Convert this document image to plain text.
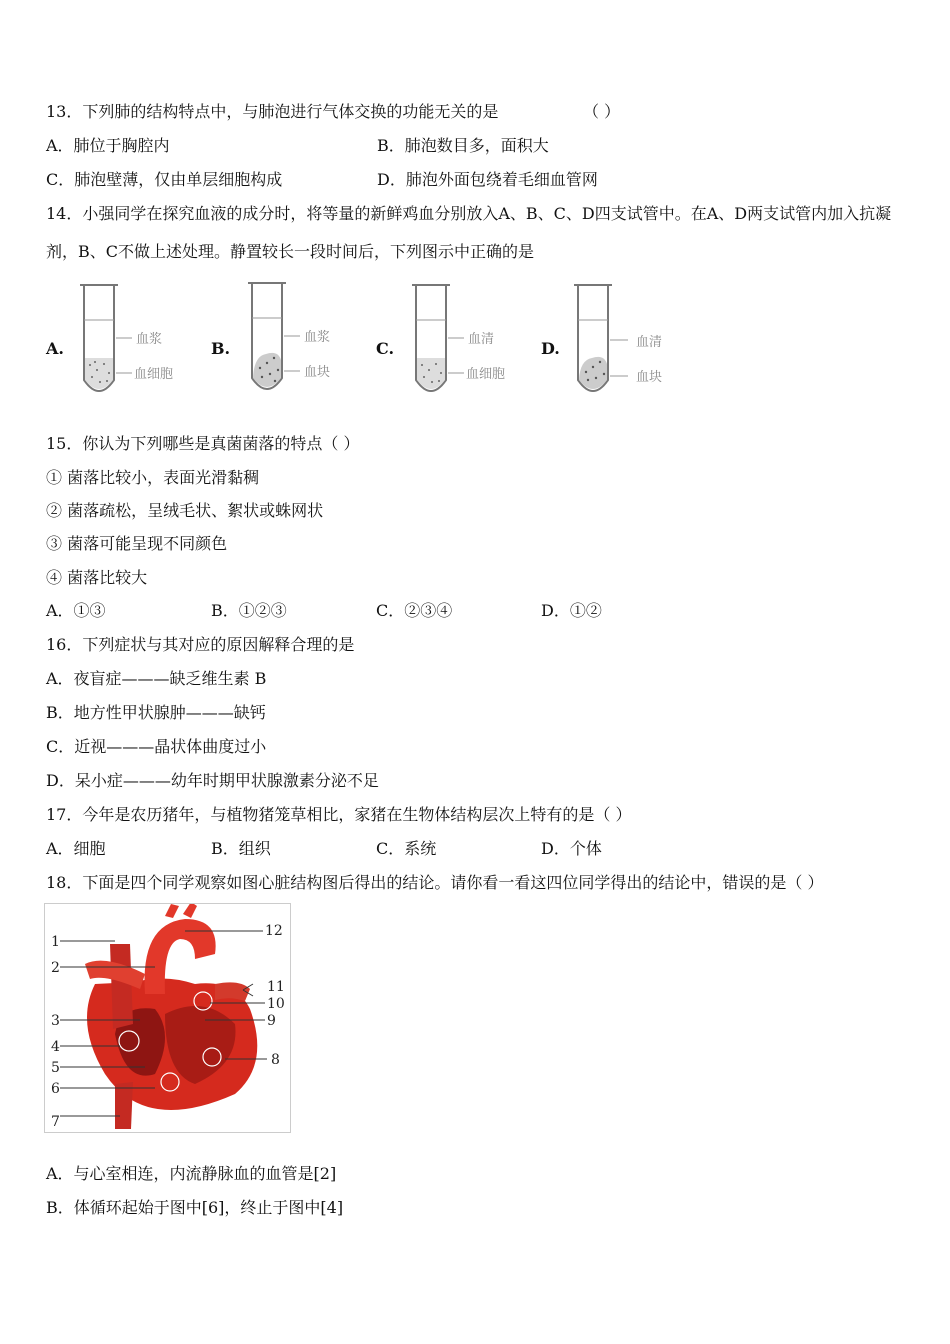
13．下列肺的结构特点中，与肺泡进行气体交换的功能无关的是	（ ）
A．肺位于胸腔内	B．肺泡数目多，面积大
C．肺泡壁薄，仅由单层细胞构成	D．肺泡外面包绕着毛细血管网
14．小强同学在探究血液的成分时，将等量的新鲜鸡血分别放入A、B、C、D四支试管中。在A、D两支试管内加入抗凝
剂，B、C不做上述处理。静置较长一段时间后，下列图示中正确的是
A.	血浆
血细胞
B.
血浆
血块
C.	血清
血细胞
D.	血清
血块
15．你认为下列哪些是真菌菌落的特点（ ）
① 菌落比较小，表面光滑黏稠
② 菌落疏松，呈绒毛状、絮状或蛛网状
③ 菌落可能呈现不同颜色
④ 菌落比较大
A．①③	B．①②③	C．②③④	D．①②
16．下列症状与其对应的原因解释合理的是
A．夜盲症———缺乏维生素 B
B．地方性甲状腺肿———缺钙
C．近视———晶状体曲度过小
D．呆小症———幼年时期甲状腺激素分泌不足
17．今年是农历猪年，与植物猪笼草相比，家猪在生物体结构层次上特有的是（ ）
A．细胞	B．组织	C．系统	D．个体
18．下面是四个同学观察如图心脏结构图后得出的结论。请你看一看这四位同学得出的结论中，错误的是（ ）
1
2
3
4
5
6
7
8
9
10
11
12
A．与心室相连，内流静脉血的血管是[2]
B．体循环起始于图中[6]，终止于图中[4]
